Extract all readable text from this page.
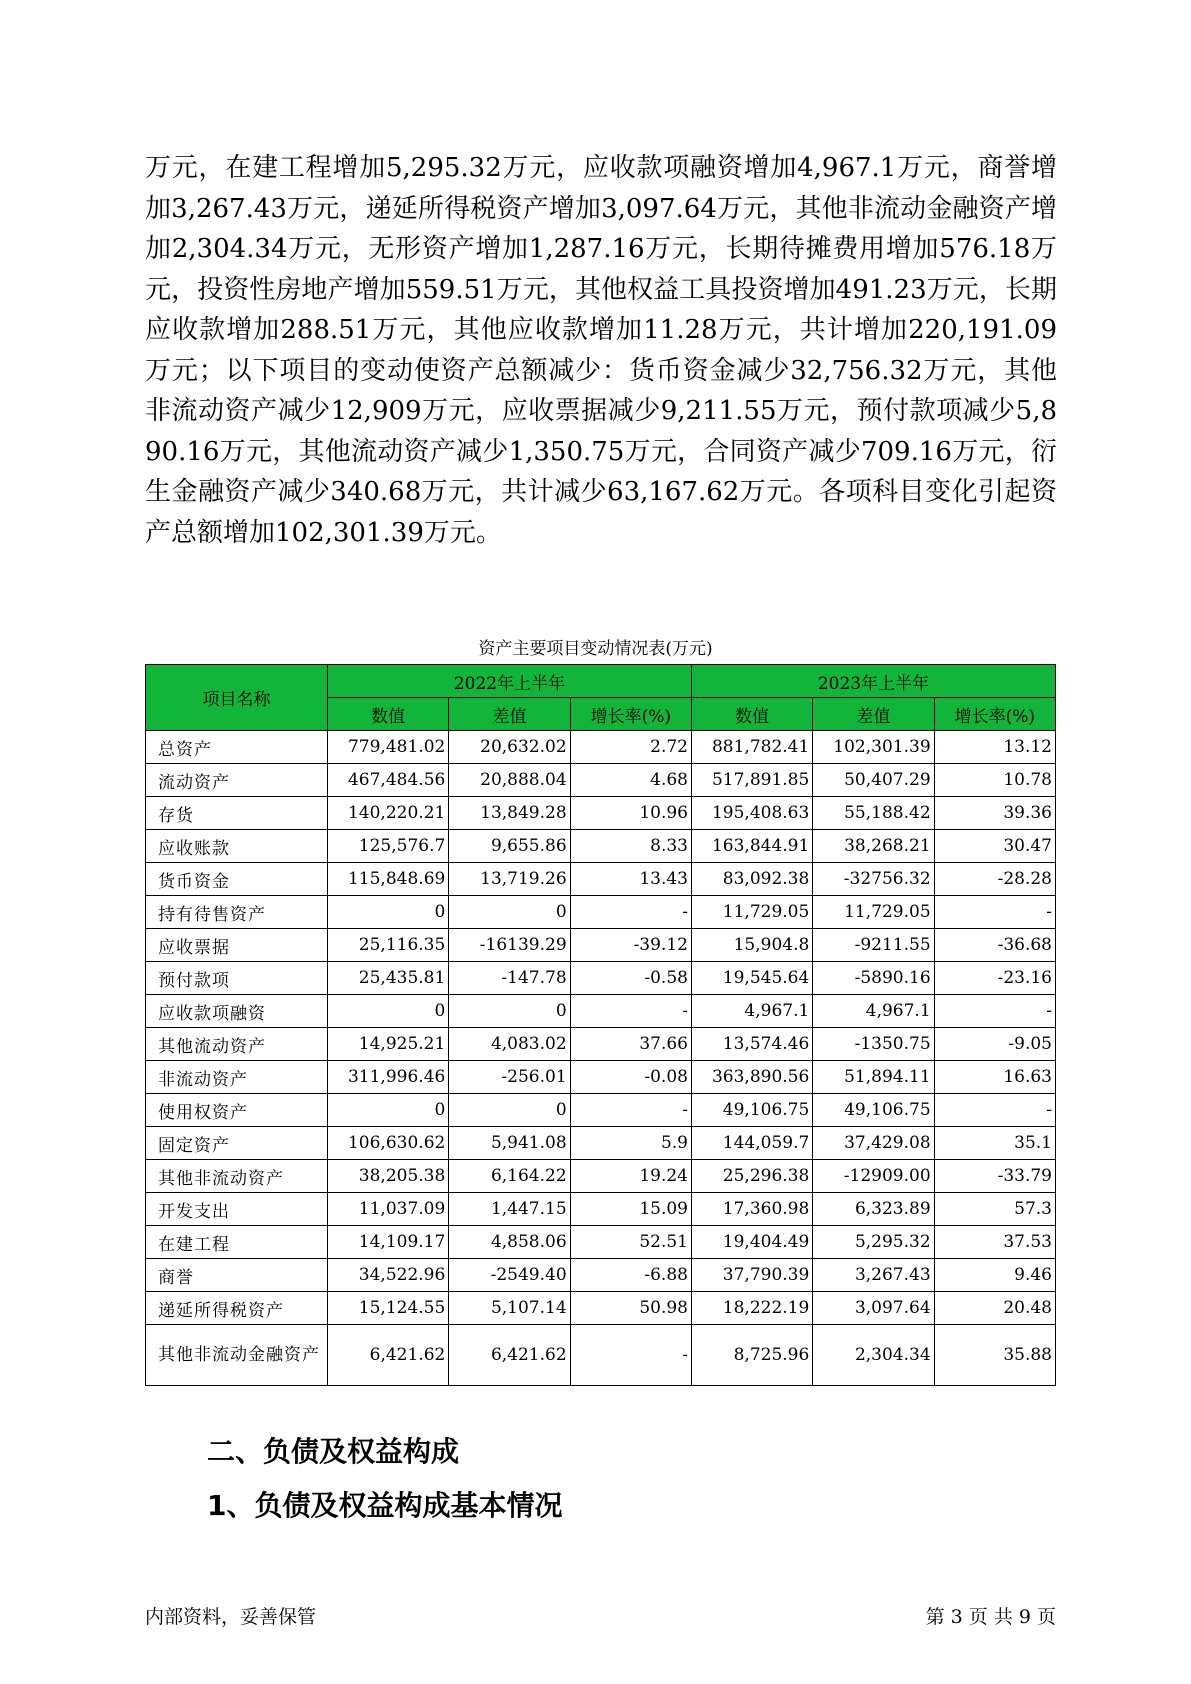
万元，在建工程增加5,295.32万元，应收款项融资增加4,967.1万元，商誉增加3,267.43万元，递延所得税资产增加3,097.64万元，其他非流动金融资产增加2,304.34万元，无形资产增加1,287.16万元，长期待摊费用增加576.18万元，投资性房地产增加559.51万元，其他权益工具投资增加491.23万元，长期应收款增加288.51万元，其他应收款增加11.28万元，共计增加220,191.09万元；以下项目的变动使资产总额减少：货币资金减少32,756.32万元，其他非流动资产减少12,909万元，应收票据减少9,211.55万元，预付款项减少5,890.16万元，其他流动资产减少1,350.75万元，合同资产减少709.16万元，衍生金融资产减少340.68万元，共计减少63,167.62万元。各项科目变化引起资产总额增加102,301.39万元。

资产主要项目变动情况表(万元)
项目名称	2022年上半年			2023年上半年		
	数值	差值	增长率(%)	数值	差值	增长率(%)
总资产	779,481.02	20,632.02	2.72	881,782.41	102,301.39	13.12
流动资产	467,484.56	20,888.04	4.68	517,891.85	50,407.29	10.78
存货	140,220.21	13,849.28	10.96	195,408.63	55,188.42	39.36
应收账款	125,576.7	9,655.86	8.33	163,844.91	38,268.21	30.47
货币资金	115,848.69	13,719.26	13.43	83,092.38	-32756.32	-28.28
持有待售资产	0	0	-	11,729.05	11,729.05	-
应收票据	25,116.35	-16139.29	-39.12	15,904.8	-9211.55	-36.68
预付款项	25,435.81	-147.78	-0.58	19,545.64	-5890.16	-23.16
应收款项融资	0	0	-	4,967.1	4,967.1	-
其他流动资产	14,925.21	4,083.02	37.66	13,574.46	-1350.75	-9.05
非流动资产	311,996.46	-256.01	-0.08	363,890.56	51,894.11	16.63
使用权资产	0	0	-	49,106.75	49,106.75	-
固定资产	106,630.62	5,941.08	5.9	144,059.7	37,429.08	35.1
其他非流动资产	38,205.38	6,164.22	19.24	25,296.38	-12909.00	-33.79
开发支出	11,037.09	1,447.15	15.09	17,360.98	6,323.89	57.3
在建工程	14,109.17	4,858.06	52.51	19,404.49	5,295.32	37.53
商誉	34,522.96	-2549.40	-6.88	37,790.39	3,267.43	9.46
递延所得税资产	15,124.55	5,107.14	50.98	18,222.19	3,097.64	20.48
其他非流动金融资产	6,421.62	6,421.62	-	8,725.96	2,304.34	35.88
二、负债及权益构成
1、负债及权益构成基本情况
内部资料，妥善保管	第 3 页 共 9 页
